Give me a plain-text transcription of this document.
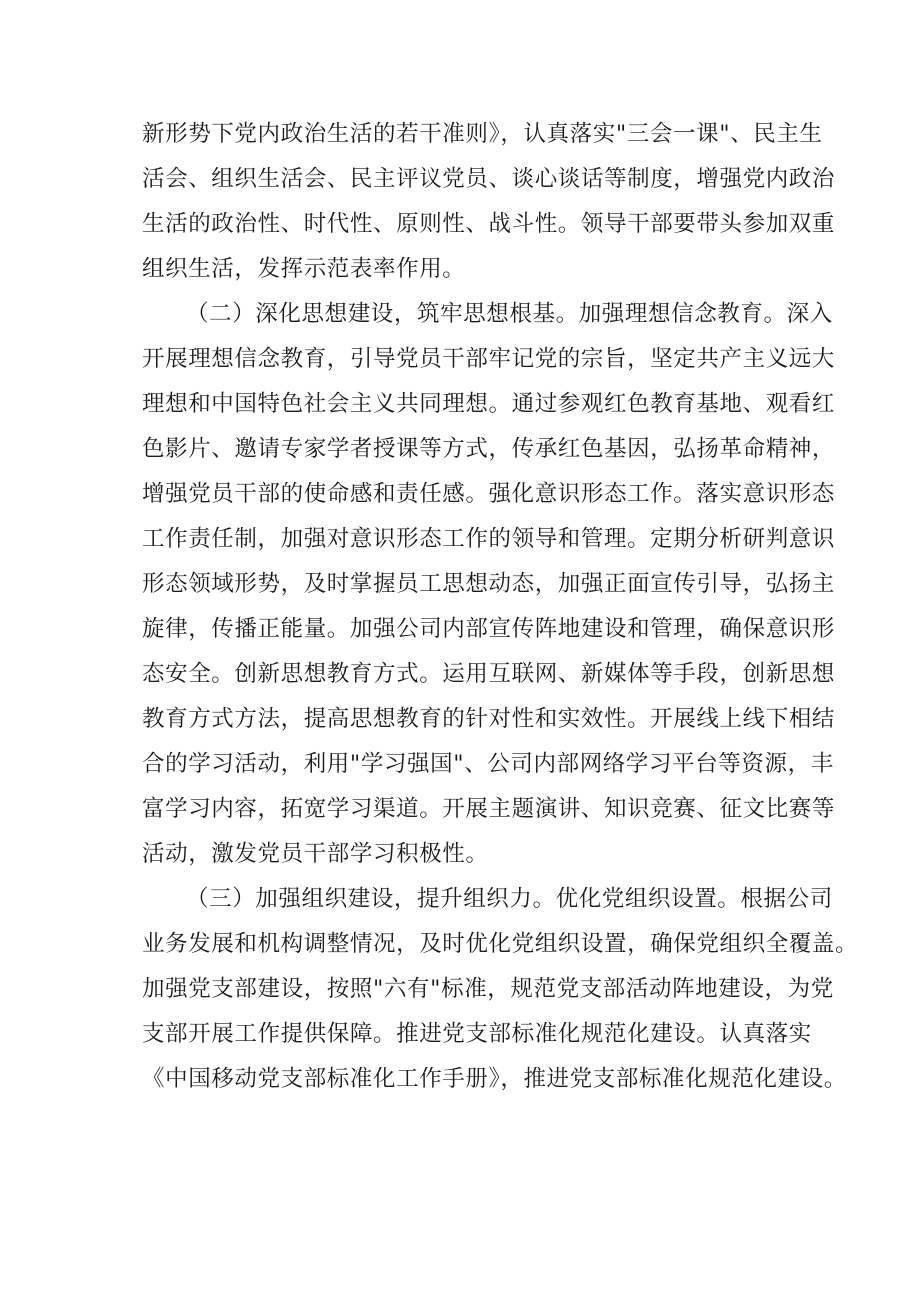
新形势下党内政治生活的若干准则》，认真落实"三会一课"、民主生
活会、组织生活会、民主评议党员、谈心谈话等制度，增强党内政治
生活的政治性、时代性、原则性、战斗性。领导干部要带头参加双重
组织生活，发挥示范表率作用。
（二）深化思想建设，筑牢思想根基。加强理想信念教育。深入
开展理想信念教育，引导党员干部牢记党的宗旨，坚定共产主义远大
理想和中国特色社会主义共同理想。通过参观红色教育基地、观看红
色影片、邀请专家学者授课等方式，传承红色基因，弘扬革命精神，
增强党员干部的使命感和责任感。强化意识形态工作。落实意识形态
工作责任制，加强对意识形态工作的领导和管理。定期分析研判意识
形态领域形势，及时掌握员工思想动态，加强正面宣传引导，弘扬主
旋律，传播正能量。加强公司内部宣传阵地建设和管理，确保意识形
态安全。创新思想教育方式。运用互联网、新媒体等手段，创新思想
教育方式方法，提高思想教育的针对性和实效性。开展线上线下相结
合的学习活动，利用"学习强国"、公司内部网络学习平台等资源，丰
富学习内容，拓宽学习渠道。开展主题演讲、知识竞赛、征文比赛等
活动，激发党员干部学习积极性。
（三）加强组织建设，提升组织力。优化党组织设置。根据公司
业务发展和机构调整情况，及时优化党组织设置，确保党组织全覆盖。
加强党支部建设，按照"六有"标准，规范党支部活动阵地建设，为党
支部开展工作提供保障。推进党支部标准化规范化建设。认真落实
《中国移动党支部标准化工作手册》，推进党支部标准化规范化建设。
